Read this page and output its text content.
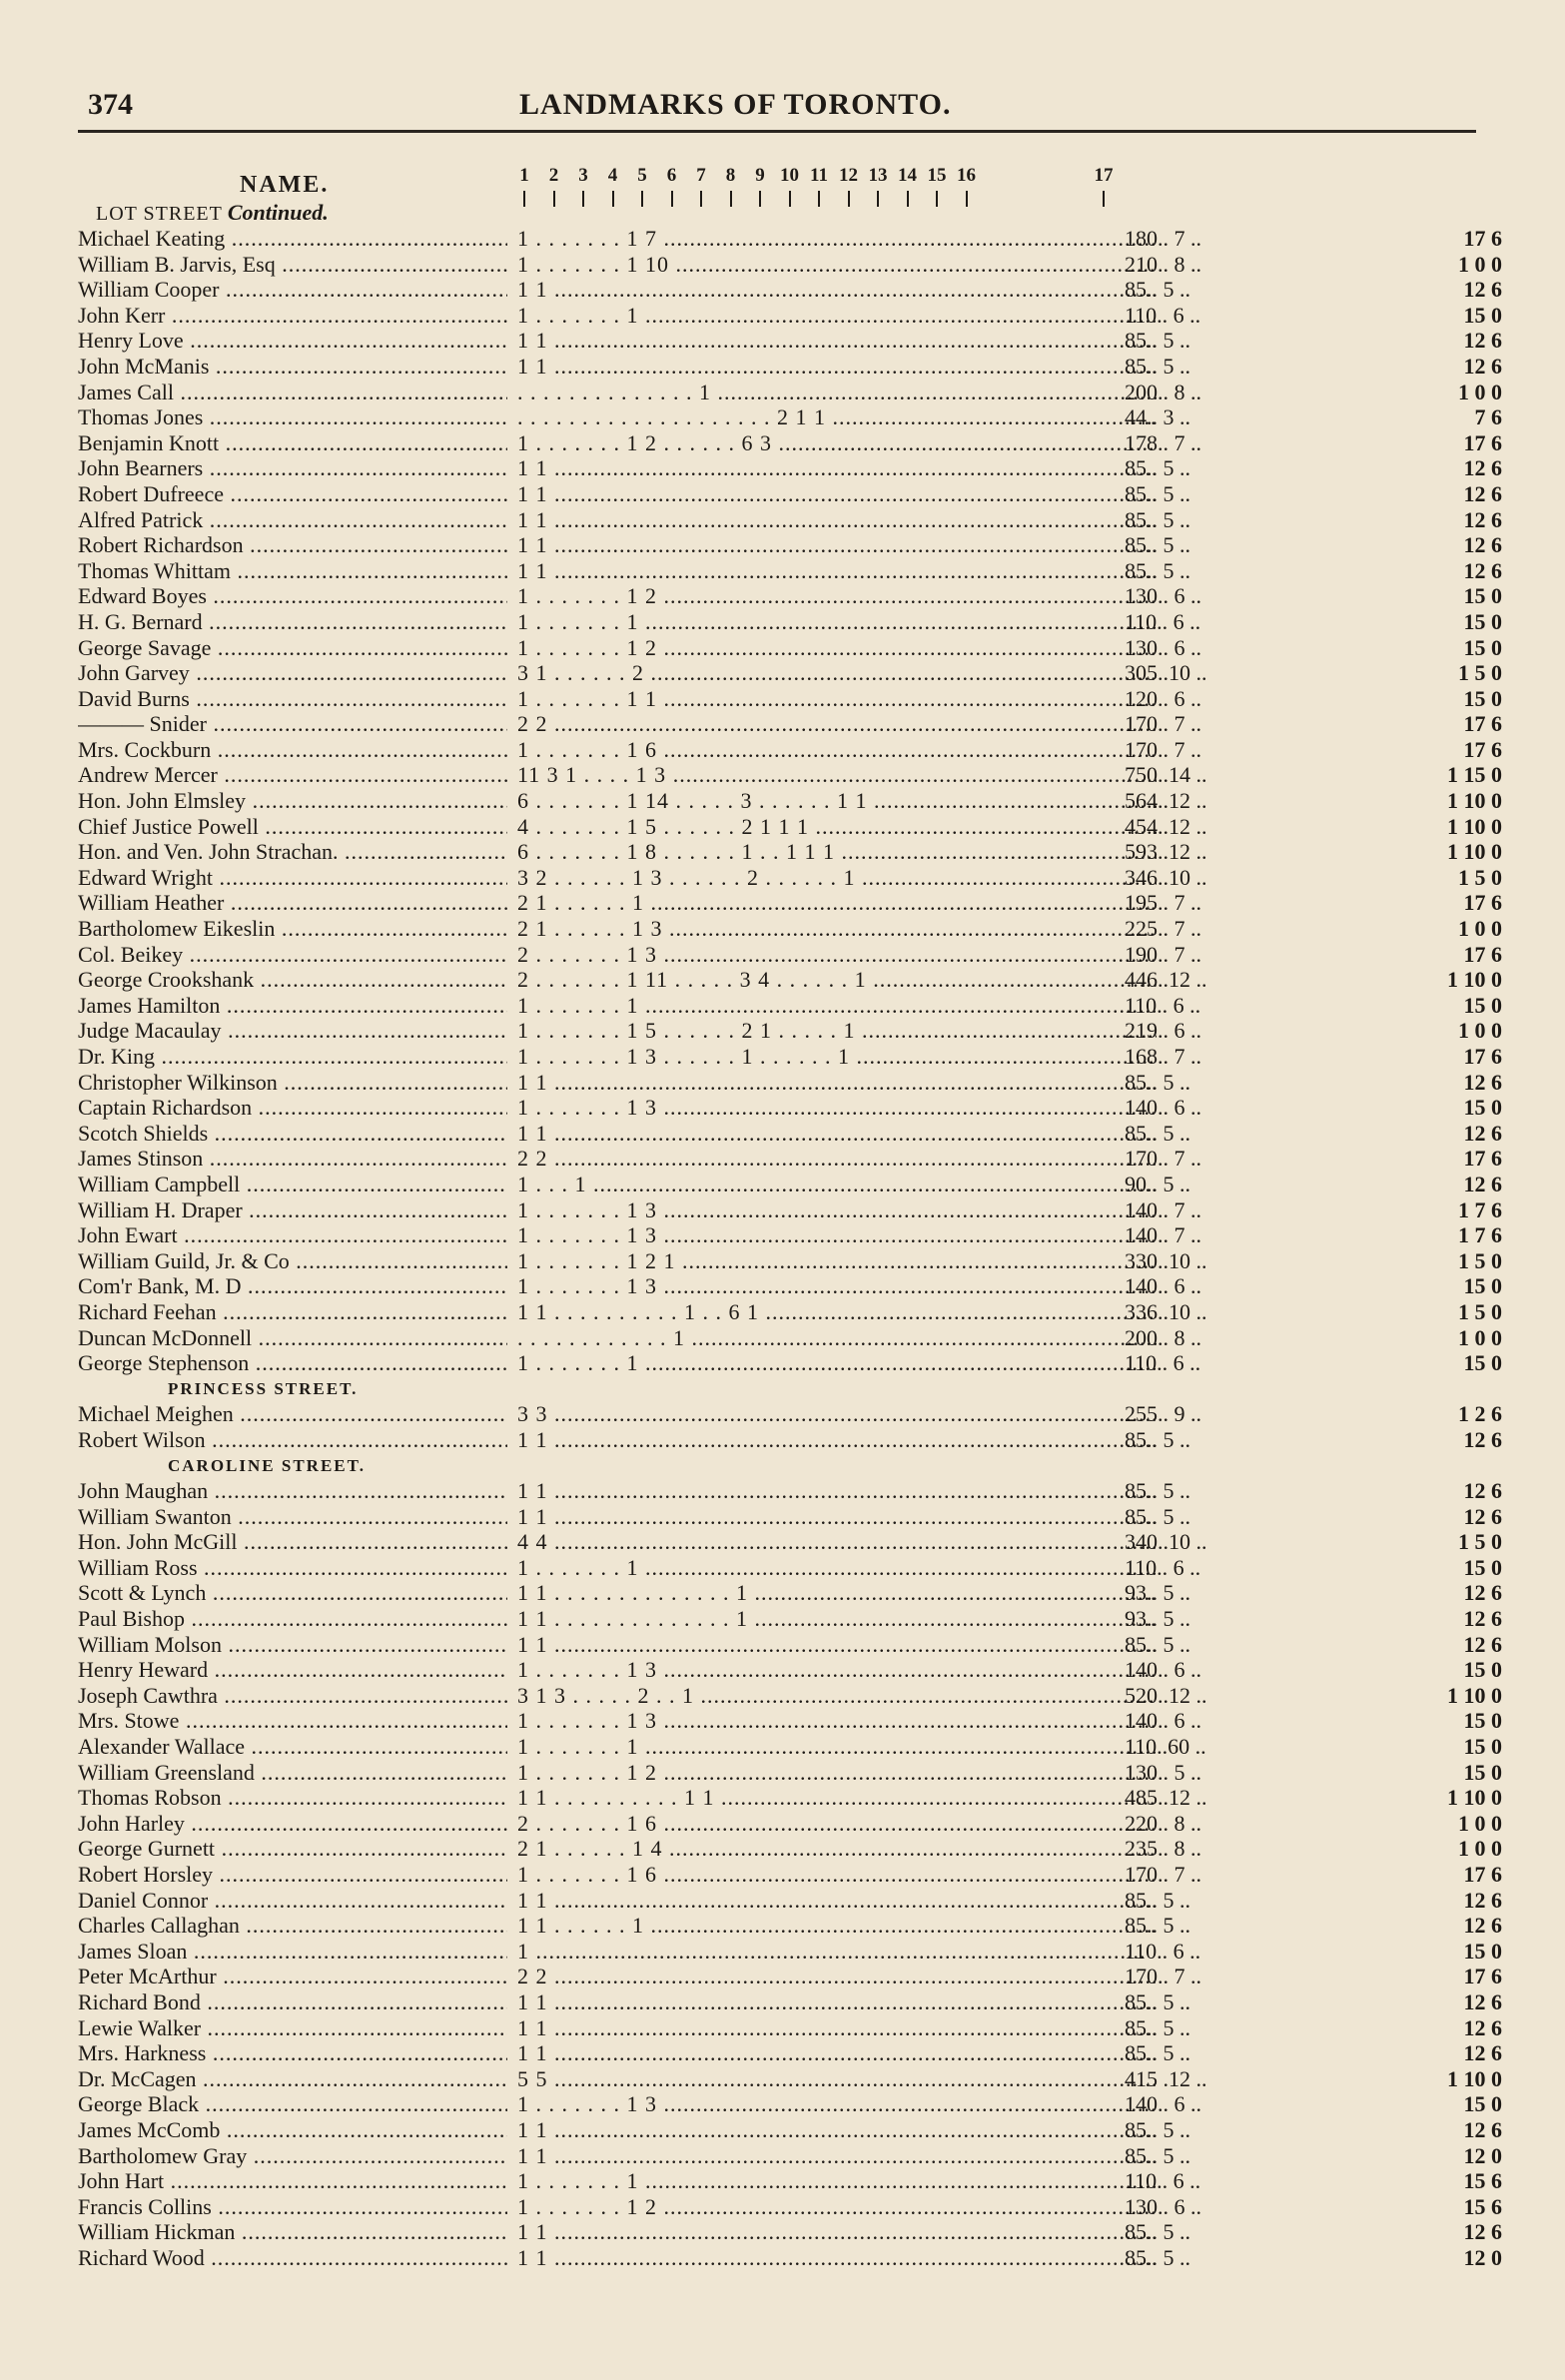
374	LANDMARKS OF TORONTO.
NAME.
LOT STREET Continued.
1	2	3	4	5	6	7	8	9 10 11 12 13 14 15 16	17
Michael Keating .....	1 . . . . . . . 1 7 .....	180.. 7 ..	17 6
William B. Jarvis, Esq .....	1 . . . . . . . 1 10 .....	210.. 8 ..	1 0 0
William Cooper .....	1 1 .....	85.. 5 ..	12 6
John Kerr .....	1 . . . . . . . 1 .....	110.. 6 ..	15 0
Henry Love .....	1 1 .....	85.. 5 ..	12 6
John McManis .....	1 1 .....	85.. 5 ..	12 6
James Call .....	. . . . . . . . . . . . . . 1 .....	200.. 8 ..	1 0 0
Thomas Jones .....	. . . . . . . . . . . . . . . . . . . . 2 1 1 .....	44.. 3 ..	7 6
Benjamin Knott .....	1 . . . . . . . 1 2 . . . . . . 6 3 .....	178.. 7 ..	17 6
John Bearners .....	1 1 .....	85.. 5 ..	12 6
Robert Dufreece .....	1 1 .....	85.. 5 ..	12 6
Alfred Patrick .....	1 1 .....	85.. 5 ..	12 6
Robert Richardson .....	1 1 .....	85.. 5 ..	12 6
Thomas Whittam .....	1 1 .....	85.. 5 ..	12 6
Edward Boyes .....	1 . . . . . . . 1 2 .....	130.. 6 ..	15 0
H. G. Bernard .....	1 . . . . . . . 1 .....	110.. 6 ..	15 0
George Savage .....	1 . . . . . . . 1 2 .....	130.. 6 ..	15 0
John Garvey .....	3 1 . . . . . . 2 .....	305..10 ..	1 5 0
David Burns .....	1 . . . . . . . 1 1 .....	120.. 6 ..	15 0
——— Snider .....	2 2 .....	170.. 7 ..	17 6
Mrs. Cockburn .....	1 . . . . . . . 1 6 .....	170.. 7 ..	17 6
Andrew Mercer .....	11 3 1 . . . . 1 3 .....	750..14 ..	1 15 0
Hon. John Elmsley .....	6 . . . . . . . 1 14 . . . . . 3 . . . . . . 1 1 .....	564..12 ..	1 10 0
Chief Justice Powell .....	4 . . . . . . . 1 5 . . . . . . 2 1 1 1 .....	454..12 ..	1 10 0
Hon. and Ven. John Strachan. .....	6 . . . . . . . 1 8 . . . . . . 1 . . 1 1 1 .....	593..12 ..	1 10 0
Edward Wright .....	3 2 . . . . . . 1 3 . . . . . . 2 . . . . . . 1 .....	346..10 ..	1 5 0
William Heather .....	2 1 . . . . . . 1 .....	195.. 7 ..	17 6
Bartholomew Eikeslin .....	2 1 . . . . . . 1 3 .....	225.. 7 ..	1 0 0
Col. Beikey .....	2 . . . . . . . 1 3 .....	190.. 7 ..	17 6
George Crookshank .....	2 . . . . . . . 1 11 . . . . . 3 4 . . . . . . 1 .....	446..12 ..	1 10 0
James Hamilton .....	1 . . . . . . . 1 .....	110.. 6 ..	15 0
Judge Macaulay .....	1 . . . . . . . 1 5 . . . . . . 2 1 . . . . . 1 .....	219.. 6 ..	1 0 0
Dr. King .....	1 . . . . . . . 1 3 . . . . . . 1 . . . . . . 1 .....	168.. 7 ..	17 6
Christopher Wilkinson .....	1 1 .....	85.. 5 ..	12 6
Captain Richardson .....	1 . . . . . . . 1 3 .....	140.. 6 ..	15 0
Scotch Shields .....	1 1 .....	85.. 5 ..	12 6
James Stinson .....	2 2 .....	170.. 7 ..	17 6
William Campbell .....	1 . . . 1 .....	90.. 5 ..	12 6
William H. Draper .....	1 . . . . . . . 1 3 .....	140.. 7 ..	1 7 6
John Ewart .....	1 . . . . . . . 1 3 .....	140.. 7 ..	1 7 6
William Guild, Jr. & Co .....	1 . . . . . . . 1 2 1 .....	330..10 ..	1 5 0
Com'r Bank, M. D .....	1 . . . . . . . 1 3 .....	140.. 6 ..	15 0
Richard Feehan .....	1 1 . . . . . . . . . . 1 . . 6 1 .....	336..10 ..	1 5 0
Duncan McDonnell .....	. . . . . . . . . . . . 1 .....	200.. 8 ..	1 0 0
George Stephenson .....	1 . . . . . . . 1 .....	110.. 6 ..	15 0
PRINCESS STREET.
Michael Meighen .....	3 3 .....	255.. 9 ..	1 2 6
Robert Wilson .....	1 1 .....	85.. 5 ..	12 6
CAROLINE STREET.
John Maughan .....	1 1 .....	85.. 5 ..	12 6
William Swanton .....	1 1 .....	85.. 5 ..	12 6
Hon. John McGill .....	4 4 .....	340..10 ..	1 5 0
William Ross .....	1 . . . . . . . 1 .....	110.. 6 ..	15 0
Scott & Lynch .....	1 1 . . . . . . . . . . . . . . 1 .....	93.. 5 ..	12 6
Paul Bishop .....	1 1 . . . . . . . . . . . . . . 1 .....	93.. 5 ..	12 6
William Molson .....	1 1 .....	85.. 5 ..	12 6
Henry Heward .....	1 . . . . . . . 1 3 .....	140.. 6 ..	15 0
Joseph Cawthra .....	3 1 3 . . . . . 2 . . 1 .....	520..12 ..	1 10 0
Mrs. Stowe .....	1 . . . . . . . 1 3 .....	140.. 6 ..	15 0
Alexander Wallace .....	1 . . . . . . . 1 .....	110..60 ..	15 0
William Greensland .....	1 . . . . . . . 1 2 .....	130.. 5 ..	15 0
Thomas Robson .....	1 1 . . . . . . . . . . 1 1 .....	485..12 ..	1 10 0
John Harley .....	2 . . . . . . . 1 6 .....	220.. 8 ..	1 0 0
George Gurnett .....	2 1 . . . . . . 1 4 .....	235.. 8 ..	1 0 0
Robert Horsley .....	1 . . . . . . . 1 6 .....	170.. 7 ..	17 6
Daniel Connor .....	1 1 .....	85.. 5 ..	12 6
Charles Callaghan .....	1 1 . . . . . . 1 .....	85.. 5 ..	12 6
James Sloan .....	1 .....	110.. 6 ..	15 0
Peter McArthur .....	2 2 .....	170.. 7 ..	17 6
Richard Bond .....	1 1 .....	85.. 5 ..	12 6
Lewie Walker .....	1 1 .....	85.. 5 ..	12 6
Mrs. Harkness .....	1 1 .....	85.. 5 ..	12 6
Dr. McCagen .....	5 5 .....	415 .12 ..	1 10 0
George Black .....	1 . . . . . . . 1 3 .....	140.. 6 ..	15 0
James McComb .....	1 1 .....	85.. 5 ..	12 6
Bartholomew Gray .....	1 1 .....	85.. 5 ..	12 0
John Hart .....	1 . . . . . . . 1 .....	110.. 6 ..	15 6
Francis Collins .....	1 . . . . . . . 1 2 .....	130.. 6 ..	15 6
William Hickman .....	1 1 .....	85.. 5 ..	12 6
Richard Wood .....	1 1 .....	85.. 5 ..	12 0
